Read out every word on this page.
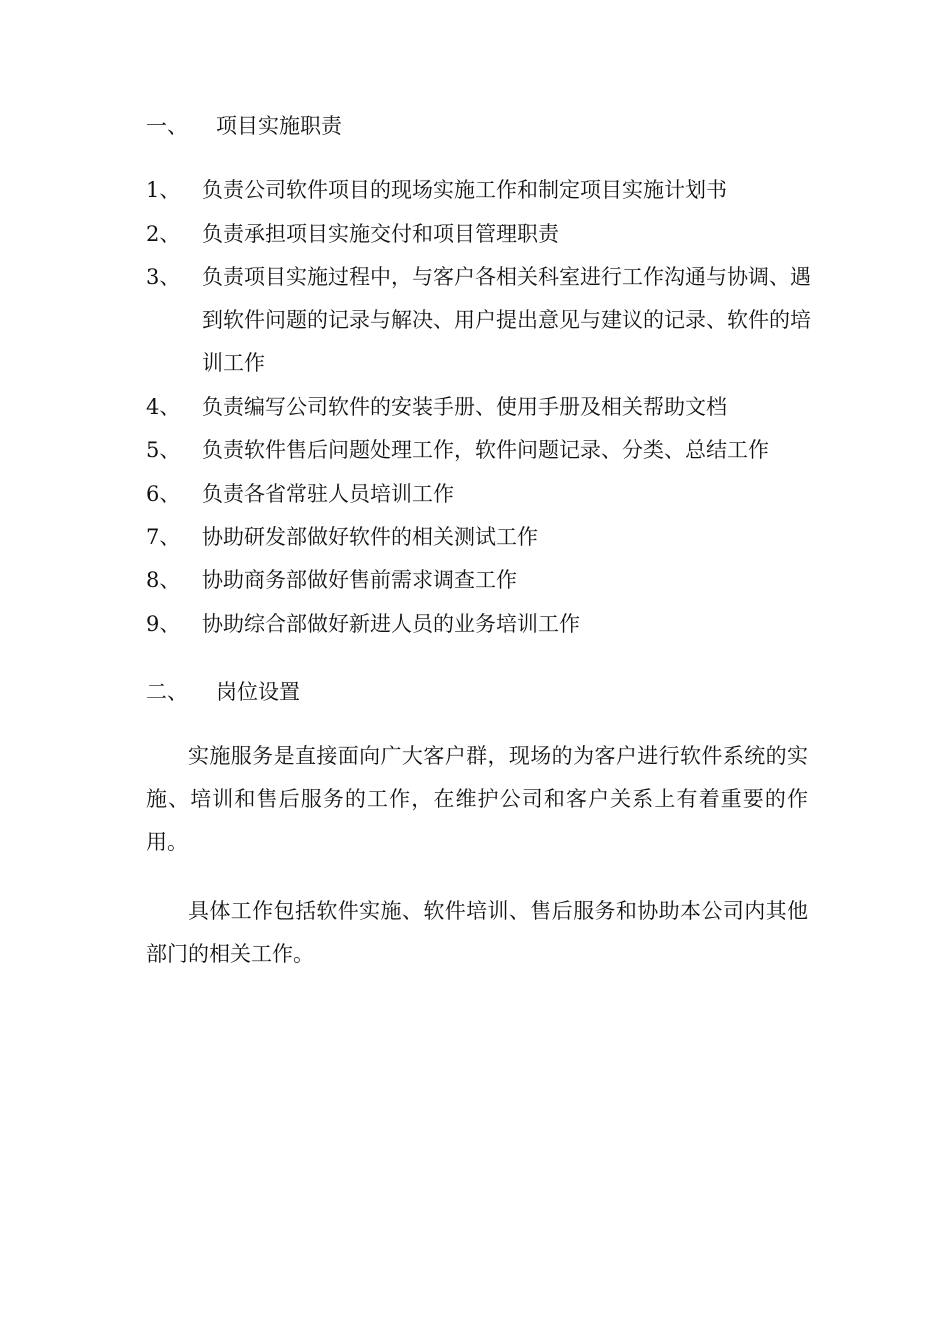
一、 项目实施职责
1、	负责公司软件项目的现场实施工作和制定项目实施计划书
2、	负责承担项目实施交付和项目管理职责
3、	负责项目实施过程中，与客户各相关科室进行工作沟通与协调、遇到软件问题的记录与解决、用户提出意见与建议的记录、软件的培训工作
4、	负责编写公司软件的安装手册、使用手册及相关帮助文档
5、	负责软件售后问题处理工作，软件问题记录、分类、总结工作
6、	负责各省常驻人员培训工作
7、	协助研发部做好软件的相关测试工作
8、	协助商务部做好售前需求调查工作
9、	协助综合部做好新进人员的业务培训工作
二、 岗位设置

实施服务是直接面向广大客户群，现场的为客户进行软件系统的实施、培训和售后服务的工作，在维护公司和客户关系上有着重要的作用。

具体工作包括软件实施、软件培训、售后服务和协助本公司内其他部门的相关工作。
